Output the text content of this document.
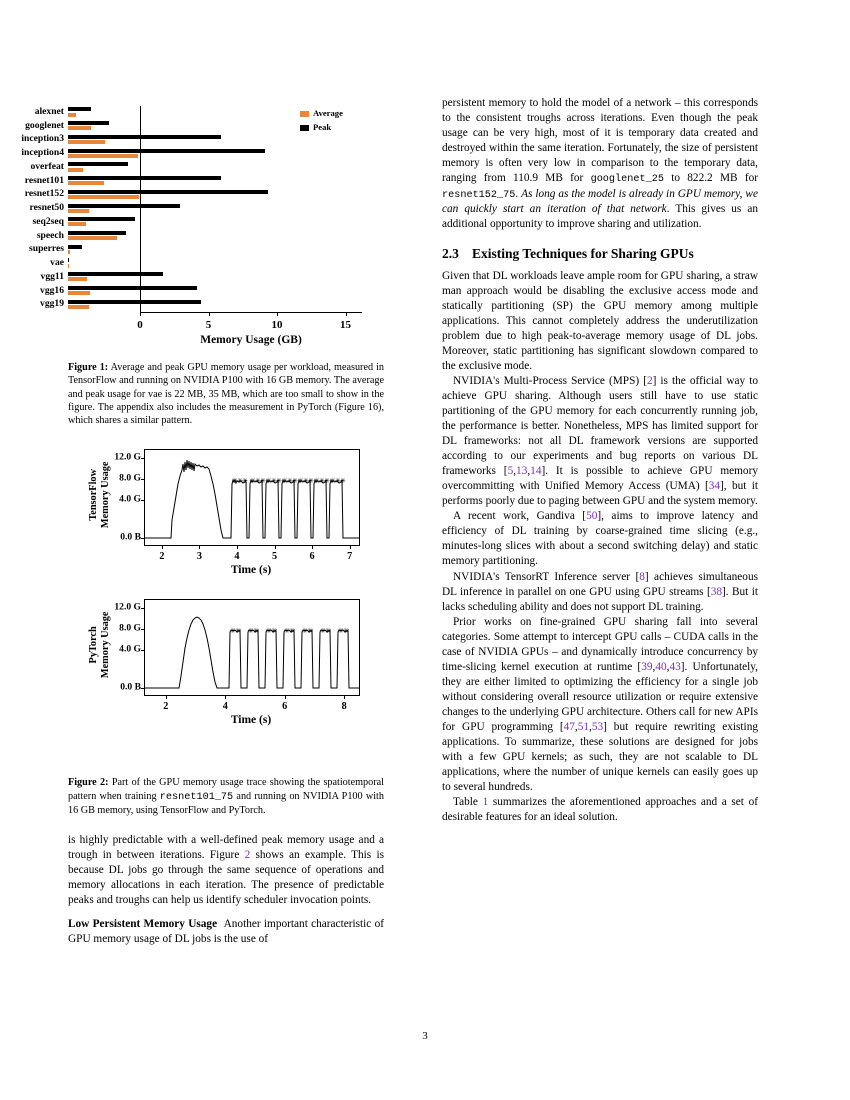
alexnet
googlenet
inception3
inception4
overfeat
resnet101
resnet152
resnet50
seq2seq
speech
superres
vae
vgg11
vgg16
vgg19
0	5	10	15
Memory Usage (GB)
Average
Peak
Figure 1: Average and peak GPU memory usage per workload, measured in TensorFlow and running on NVIDIA P100 with 16 GB memory. The average and peak usage for vae is 22 MB, 35 MB, which are too small to show in the figure. The appendix also includes the measurement in PyTorch (Figure 16), which shares a similar pattern.
✳ ✳ ✳ ✳ ✳ ✳ ✳ ✳ ✳ ✳ ✳ ✳ ✳ ✳ ✳ ✳ ✳ ✳ ✳ ✳ ✳
12.0 G
8.0 G
4.0 G
0.0 B
2	3	4	5	6	7
TensorFlow
Memory Usage
Time (s)
✳ ✳ ✳ ✳ ✳ ✳ ✳ ✳ ✳ ✳ ✳ ✳ ✳ ✳
12.0 G
8.0 G
4.0 G
0.0 B
2	4	6	8
PyTorch
Memory Usage
Time (s)
Figure 2: Part of the GPU memory usage trace showing the spatiotemporal pattern when training resnet101_75 and running on NVIDIA P100 with 16 GB memory, using TensorFlow and PyTorch.

is highly predictable with a well-defined peak memory usage and a trough in between iterations. Figure 2 shows an example. This is because DL jobs go through the same sequence of operations and memory allocations in each iteration. The presence of predictable peaks and troughs can help us identify scheduler invocation points.

Low Persistent Memory Usage Another important characteristic of GPU memory usage of DL jobs is the use of

persistent memory to hold the model of a network – this corresponds to the consistent troughs across iterations. Even though the peak usage can be very high, most of it is temporary data created and destroyed within the same iteration. Fortunately, the size of persistent memory is often very low in comparison to the temporary data, ranging from 110.9 MB for googlenet_25 to 822.2 MB for resnet152_75. As long as the model is already in GPU memory, we can quickly start an iteration of that network. This gives us an additional opportunity to improve sharing and utilization.

2.3 Existing Techniques for Sharing GPUs

Given that DL workloads leave ample room for GPU sharing, a straw man approach would be disabling the exclusive access mode and statically partitioning (SP) the GPU memory among multiple applications. This cannot completely address the underutilization problem due to high peak-to-average memory usage of DL jobs. Moreover, static partitioning has significant slowdown compared to the exclusive mode.

NVIDIA's Multi-Process Service (MPS) [2] is the official way to achieve GPU sharing. Although users still have to use static partitioning of the GPU memory for each concurrently running job, the performance is better. Nonetheless, MPS has limited support for DL frameworks: not all DL framework versions are supported according to our experiments and bug reports on various DL frameworks [5,13,14]. It is possible to achieve GPU memory overcommitting with Unified Memory Access (UMA) [34], but it performs poorly due to paging between GPU and the system memory.

A recent work, Gandiva [50], aims to improve latency and efficiency of DL training by coarse-grained time slicing (e.g., minutes-long slices with about a second switching delay) and static memory partitioning.

NVIDIA's TensorRT Inference server [8] achieves simultaneous DL inference in parallel on one GPU using GPU streams [38]. But it lacks scheduling ability and does not support DL training.

Prior works on fine-grained GPU sharing fall into several categories. Some attempt to intercept GPU calls – CUDA calls in the case of NVIDIA GPUs – and dynamically introduce concurrency by time-slicing kernel execution at runtime [39,40,43]. Unfortunately, they are either limited to optimizing the efficiency for a single job without considering overall resource utilization or require extensive changes to the underlying GPU architecture. Others call for new APIs for GPU programming [47,51,53] but require rewriting existing applications. To summarize, these solutions are designed for jobs with a few GPU kernels; as such, they are not scalable to DL applications, where the number of unique kernels can easily goes up to several hundreds.

Table 1 summarizes the aforementioned approaches and a set of desirable features for an ideal solution.

3
